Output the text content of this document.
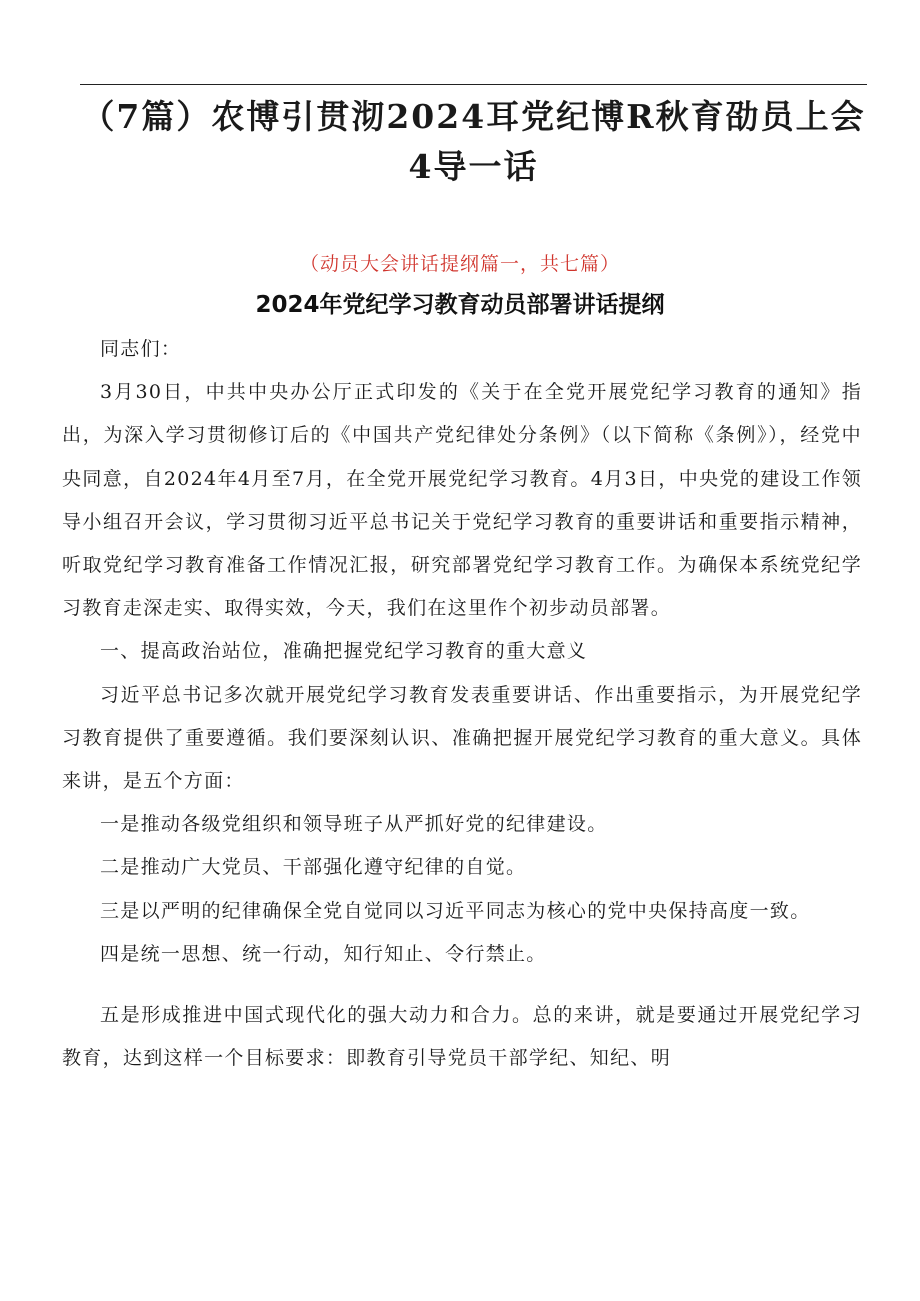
（7篇）农博引贯沏2024耳党纪博R秋育劭员上会4导一话
（动员大会讲话提纲篇一，共七篇）
2024年党纪学习教育动员部署讲话提纲

同志们：

3月30日，中共中央办公厅正式印发的《关于在全党开展党纪学习教育的通知》指出，为深入学习贯彻修订后的《中国共产党纪律处分条例》（以下简称《条例》），经党中央同意，自2024年4月至7月，在全党开展党纪学习教育。4月3日，中央党的建设工作领导小组召开会议，学习贯彻习近平总书记关于党纪学习教育的重要讲话和重要指示精神，听取党纪学习教育准备工作情况汇报，研究部署党纪学习教育工作。为确保本系统党纪学习教育走深走实、取得实效，今天，我们在这里作个初步动员部署。

一、提高政治站位，准确把握党纪学习教育的重大意义

习近平总书记多次就开展党纪学习教育发表重要讲话、作出重要指示，为开展党纪学习教育提供了重要遵循。我们要深刻认识、准确把握开展党纪学习教育的重大意义。具体来讲，是五个方面：

一是推动各级党组织和领导班子从严抓好党的纪律建设。

二是推动广大党员、干部强化遵守纪律的自觉。

三是以严明的纪律确保全党自觉同以习近平同志为核心的党中央保持高度一致。

四是统一思想、统一行动，知行知止、令行禁止。

五是形成推进中国式现代化的强大动力和合力。总的来讲，就是要通过开展党纪学习教育，达到这样一个目标要求：即教育引导党员干部学纪、知纪、明
